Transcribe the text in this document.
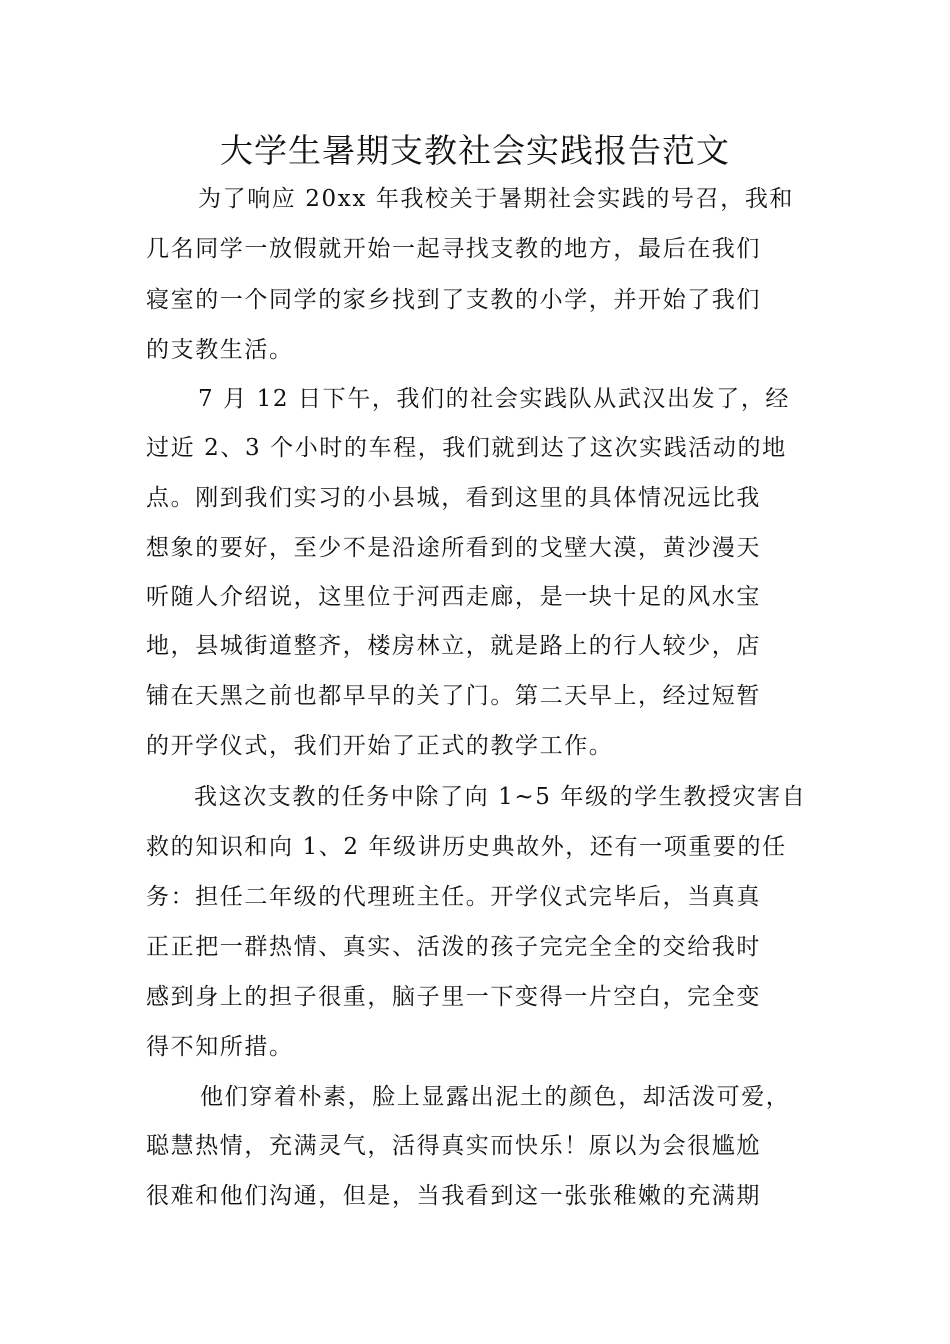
大学生暑期支教社会实践报告范文

为了响应 20xx 年我校关于暑期社会实践的号召，我和

几名同学一放假就开始一起寻找支教的地方，最后在我们

寝室的一个同学的家乡找到了支教的小学，并开始了我们

的支教生活。

7 月 12 日下午，我们的社会实践队从武汉出发了，经

过近 2、3 个小时的车程，我们就到达了这次实践活动的地

点。刚到我们实习的小县城，看到这里的具体情况远比我

想象的要好，至少不是沿途所看到的戈壁大漠，黄沙漫天

听随人介绍说，这里位于河西走廊，是一块十足的风水宝

地，县城街道整齐，楼房林立，就是路上的行人较少，店

铺在天黑之前也都早早的关了门。第二天早上，经过短暂

的开学仪式，我们开始了正式的教学工作。

我这次支教的任务中除了向 1~5 年级的学生教授灾害自

救的知识和向 1、2 年级讲历史典故外，还有一项重要的任

务：担任二年级的代理班主任。开学仪式完毕后，当真真

正正把一群热情、真实、活泼的孩子完完全全的交给我时

感到身上的担子很重，脑子里一下变得一片空白，完全变

得不知所措。

他们穿着朴素，脸上显露出泥土的颜色，却活泼可爱，

聪慧热情，充满灵气，活得真实而快乐！原以为会很尴尬

很难和他们沟通，但是，当我看到这一张张稚嫩的充满期
